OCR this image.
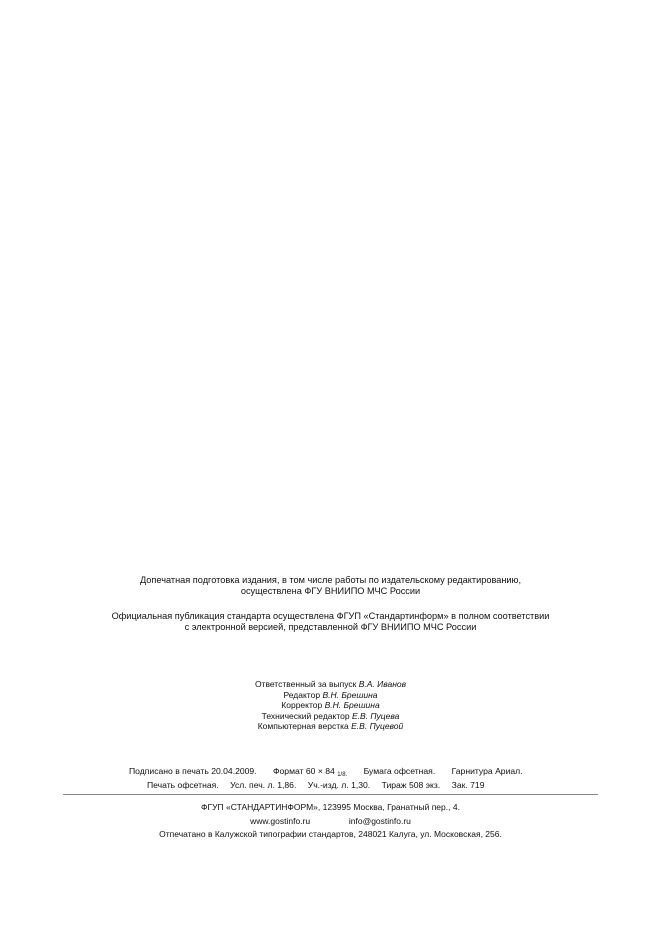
Допечатная подготовка издания, в том числе работы по издательскому редактированию,
осуществлена ФГУ ВНИИПО МЧС России
Официальная публикация стандарта осуществлена ФГУП «Стандартинформ» в полном соответствии
с электронной версией, представленной ФГУ ВНИИПО МЧС России
Ответственный за выпуск В.А. Иванов
Редактор В.Н. Брешина
Корректор В.Н. Брешина
Технический редактор Е.В. Пуцева
Компьютерная верстка Е.В. Пуцевой
Подписано в печать 20.04.2009. Формат 60 × 84 $_{1/8.}$ Бумага офсетная. Гарнитура Ариал.
Печать офсетная. Усл. печ. л. 1,86. Уч.-изд. л. 1,30. Тираж 508 экз. Зак. 719
ФГУП «СТАНДАРТИНФОРМ», 123995 Москва, Гранатный пер., 4.
www.gostinfo.ru	info@gostinfo.ru
Отпечатано в Калужской типографии стандартов, 248021 Калуга, ул. Московская, 256.
